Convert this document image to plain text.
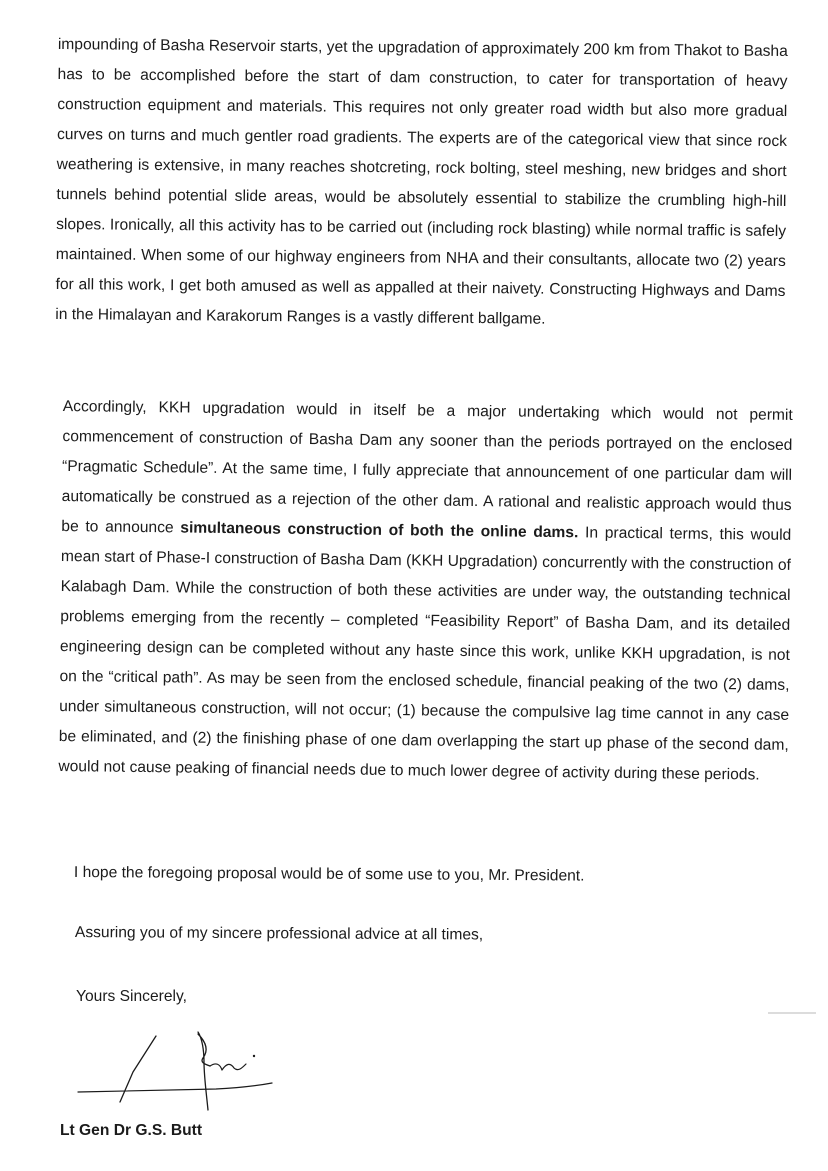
impounding of Basha Reservoir starts, yet the upgradation of approximately 200 km from Thakot to Basha has to be accomplished before the start of dam construction, to cater for transportation of heavy construction equipment and materials. This requires not only greater road width but also more gradual curves on turns and much gentler road gradients. The experts are of the categorical view that since rock weathering is extensive, in many reaches shotcreting, rock bolting, steel meshing, new bridges and short tunnels behind potential slide areas, would be absolutely essential to stabilize the crumbling high-hill slopes. Ironically, all this activity has to be carried out (including rock blasting) while normal traffic is safely maintained. When some of our highway engineers from NHA and their consultants, allocate two (2) years for all this work, I get both amused as well as appalled at their naivety. Constructing Highways and Dams in the Himalayan and Karakorum Ranges is a vastly different ballgame.

Accordingly, KKH upgradation would in itself be a major undertaking which would not permit commencement of construction of Basha Dam any sooner than the periods portrayed on the enclosed “Pragmatic Schedule”. At the same time, I fully appreciate that announcement of one particular dam will automatically be construed as a rejection of the other dam. A rational and realistic approach would thus be to announce simultaneous construction of both the online dams. In practical terms, this would mean start of Phase-I construction of Basha Dam (KKH Upgradation) concurrently with the construction of Kalabagh Dam. While the construction of both these activities are under way, the outstanding technical problems emerging from the recently – completed “Feasibility Report” of Basha Dam, and its detailed engineering design can be completed without any haste since this work, unlike KKH upgradation, is not on the “critical path”. As may be seen from the enclosed schedule, financial peaking of the two (2) dams, under simultaneous construction, will not occur; (1) because the compulsive lag time cannot in any case be eliminated, and (2) the finishing phase of one dam overlapping the start up phase of the second dam, would not cause peaking of financial needs due to much lower degree of activity during these periods.

I hope the foregoing proposal would be of some use to you, Mr. President.

Assuring you of my sincere professional advice at all times,

Yours Sincerely,

Lt Gen Dr G.S. Butt
